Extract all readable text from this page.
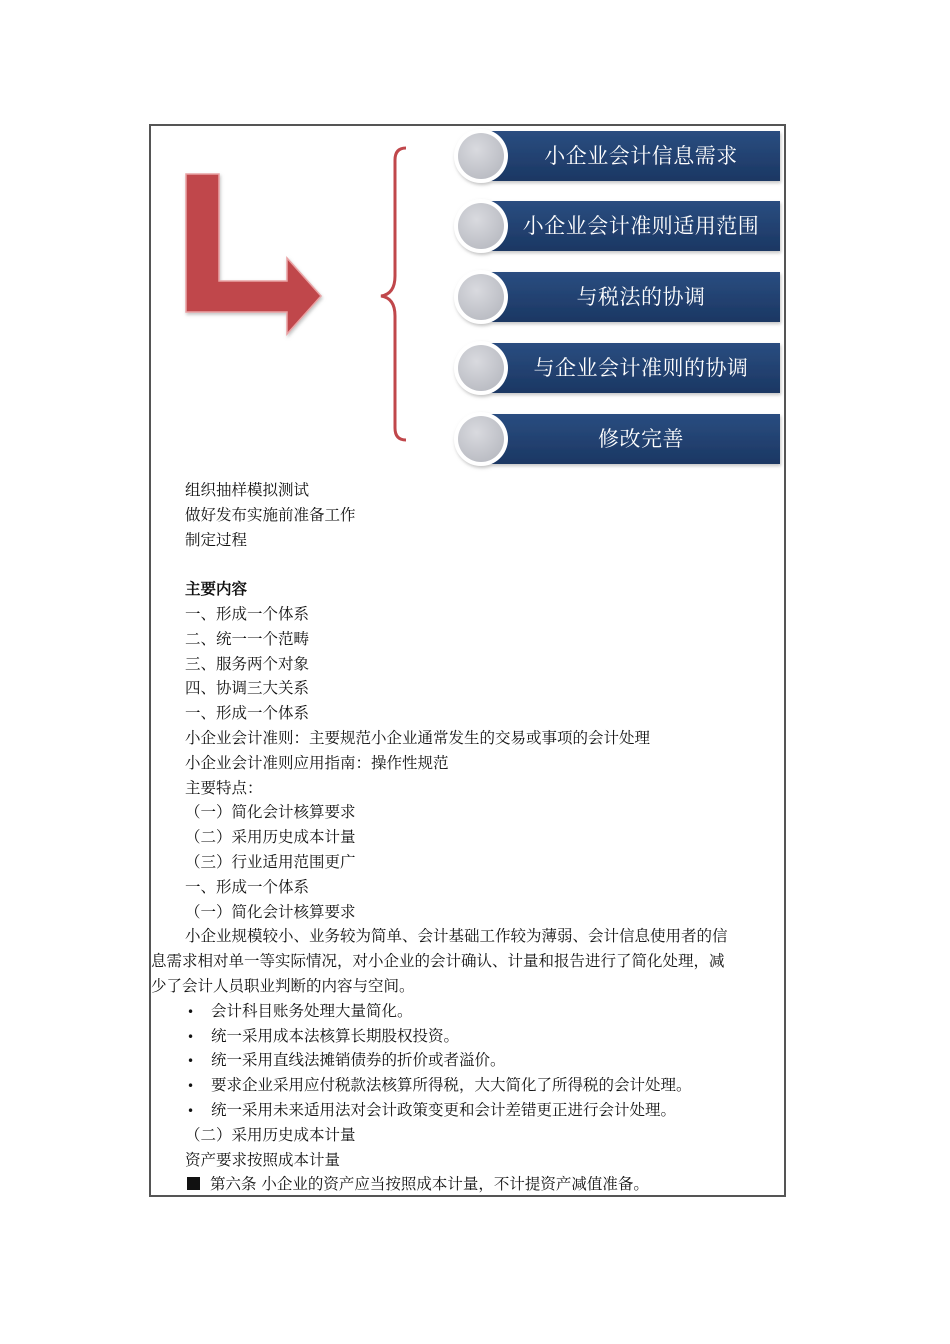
小企业会计信息需求
小企业会计准则适用范围
与税法的协调
与企业会计准则的协调
修改完善
组织抽样模拟测试
做好发布实施前准备工作
制定过程
主要内容
一、形成一个体系
二、统一一个范畴
三、服务两个对象
四、协调三大关系
一、形成一个体系
小企业会计准则：主要规范小企业通常发生的交易或事项的会计处理
小企业会计准则应用指南：操作性规范
主要特点：
（一）简化会计核算要求
（二）采用历史成本计量
（三）行业适用范围更广
一、形成一个体系
（一）简化会计核算要求
小企业规模较小、业务较为简单、会计基础工作较为薄弱、会计信息使用者的信
息需求相对单一等实际情况，对小企业的会计确认、计量和报告进行了简化处理，减
少了会计人员职业判断的内容与空间。
• 会计科目账务处理大量简化。
• 统一采用成本法核算长期股权投资。
• 统一采用直线法摊销债券的折价或者溢价。
• 要求企业采用应付税款法核算所得税，大大简化了所得税的会计处理。
• 统一采用未来适用法对会计政策变更和会计差错更正进行会计处理。
（二）采用历史成本计量
资产要求按照成本计量
第六条 小企业的资产应当按照成本计量，不计提资产减值准备。
